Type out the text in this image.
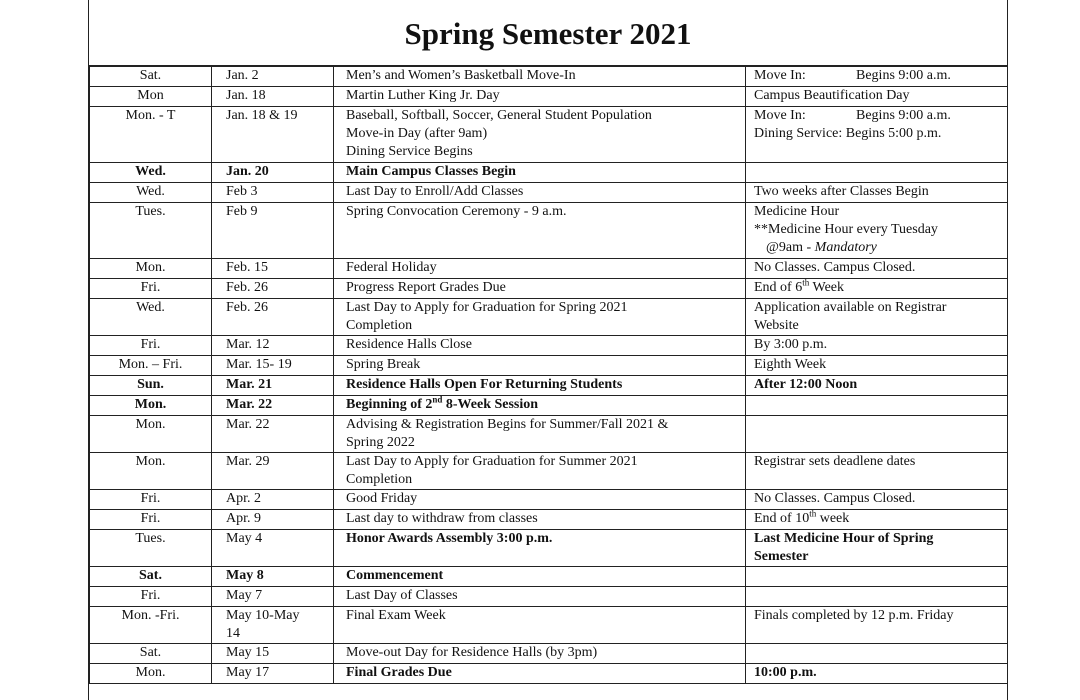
Spring Semester 2021
Sat.	Jan. 2	Men’s and Women’s Basketball Move-In	Move In: Begins 9:00 a.m.

Mon	Jan. 18	Martin Luther King Jr. Day	Campus Beautification Day

Mon. - T	Jan. 18 & 19	Baseball, Softball, Soccer, General Student Population
Move-in Day (after 9am)
Dining Service Begins	Move In: Begins 9:00 a.m.
Dining Service: Begins 5:00 p.m.

Wed.	Jan. 20	Main Campus Classes Begin	

Wed.	Feb 3	Last Day to Enroll/Add Classes	Two weeks after Classes Begin

Tues.	Feb 9	Spring Convocation Ceremony - 9 a.m.	Medicine Hour
**Medicine Hour every Tuesday
@9am - Mandatory

Mon.	Feb. 15	Federal Holiday	No Classes. Campus Closed.

Fri.	Feb. 26	Progress Report Grades Due	End of 6th Week

Wed.	Feb. 26	Last Day to Apply for Graduation for Spring 2021
Completion	Application available on Registrar
Website

Fri.	Mar. 12	Residence Halls Close	By 3:00 p.m.

Mon. – Fri.	Mar. 15- 19	Spring Break	Eighth Week

Sun.	Mar. 21	Residence Halls Open For Returning Students	After 12:00 Noon

Mon.	Mar. 22	Beginning of 2nd 8-Week Session	

Mon.	Mar. 22	Advising & Registration Begins for Summer/Fall 2021 &
Spring 2022	

Mon.	Mar. 29	Last Day to Apply for Graduation for Summer 2021
Completion	Registrar sets deadlene dates

Fri.	Apr. 2	Good Friday	No Classes. Campus Closed.

Fri.	Apr. 9	Last day to withdraw from classes	End of 10th week

Tues.	May 4	Honor Awards Assembly 3:00 p.m.	Last Medicine Hour of Spring
Semester

Sat.	May 8	Commencement	

Fri.	May 7	Last Day of Classes	

Mon. -Fri.	May 10-May
14	Final Exam Week	Finals completed by 12 p.m. Friday

Sat.	May 15	Move-out Day for Residence Halls (by 3pm)	

Mon.	May 17	Final Grades Due	10:00 p.m.
